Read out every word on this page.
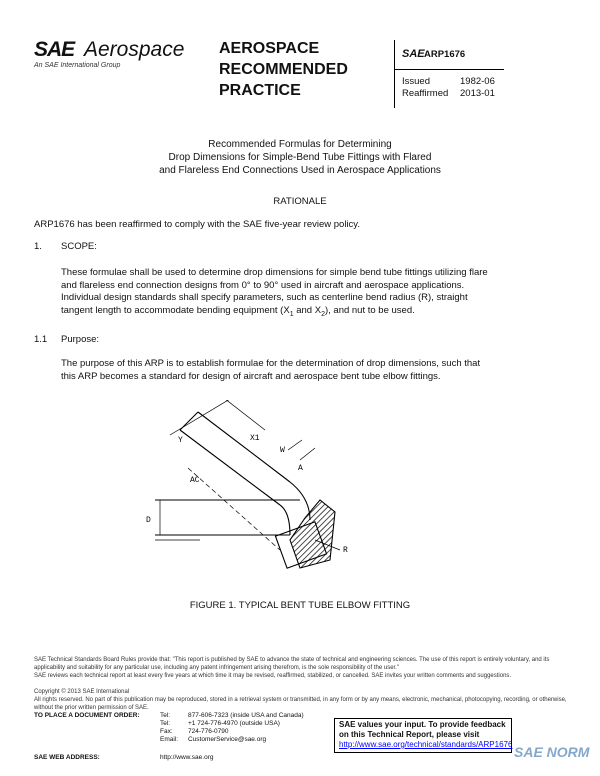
SAE Aerospace
An SAE International Group
AEROSPACE
RECOMMENDED
PRACTICE
SAE ARP1676
Issued	1982-06
Reaffirmed 2013-01
Recommended Formulas for Determining
Drop Dimensions for Simple-Bend Tube Fittings with Flared
and Flareless End Connections Used in Aerospace Applications
RATIONALE
ARP1676 has been reaffirmed to comply with the SAE five-year review policy.
1. SCOPE:
These formulae shall be used to determine drop dimensions for simple bend tube fittings utilizing flare
and flareless end connection designs from 0° to 90° used in aircraft and aerospace applications.
Individual design standards shall specify parameters, such as centerline bend radius (R), straight
tangent length to accommodate bending equipment ($X_1$ and $X_2$), and nut to be used.
1.1 Purpose:
The purpose of this ARP is to establish formulae for the determination of drop dimensions, such that
this ARP becomes a standard for design of aircraft and aerospace bent tube elbow fittings.
Y	X1
W
A
AC
D
R
FIGURE 1. TYPICAL BENT TUBE ELBOW FITTING
SAE Technical Standards Board Rules provide that: "This report is published by SAE to advance the state of technical and engineering sciences. The use of this report is entirely voluntary, and its applicability and suitability for any particular use, including any patent infringement arising therefrom, is the sole responsibility of the user."
SAE reviews each technical report at least every five years at which time it may be revised, reaffirmed, stabilized, or cancelled. SAE invites your written comments and suggestions.
Copyright © 2013 SAE International
All rights reserved. No part of this publication may be reproduced, stored in a retrieval system or transmitted, in any form or by any means, electronic, mechanical, photocopying, recording, or otherwise, without the prior written permission of SAE.
TO PLACE A DOCUMENT ORDER:	Tel:	877-606-7323 (inside USA and Canada)
Tel:	+1 724-776-4970 (outside USA)
Fax: 724-776-0790
Email: CustomerService@sae.org
SAE WEB ADDRESS:	http://www.sae.org
SAE values your input. To provide feedback
on this Technical Report, please visit
http://www.sae.org/technical/standards/ARP1676 SAE NORM
